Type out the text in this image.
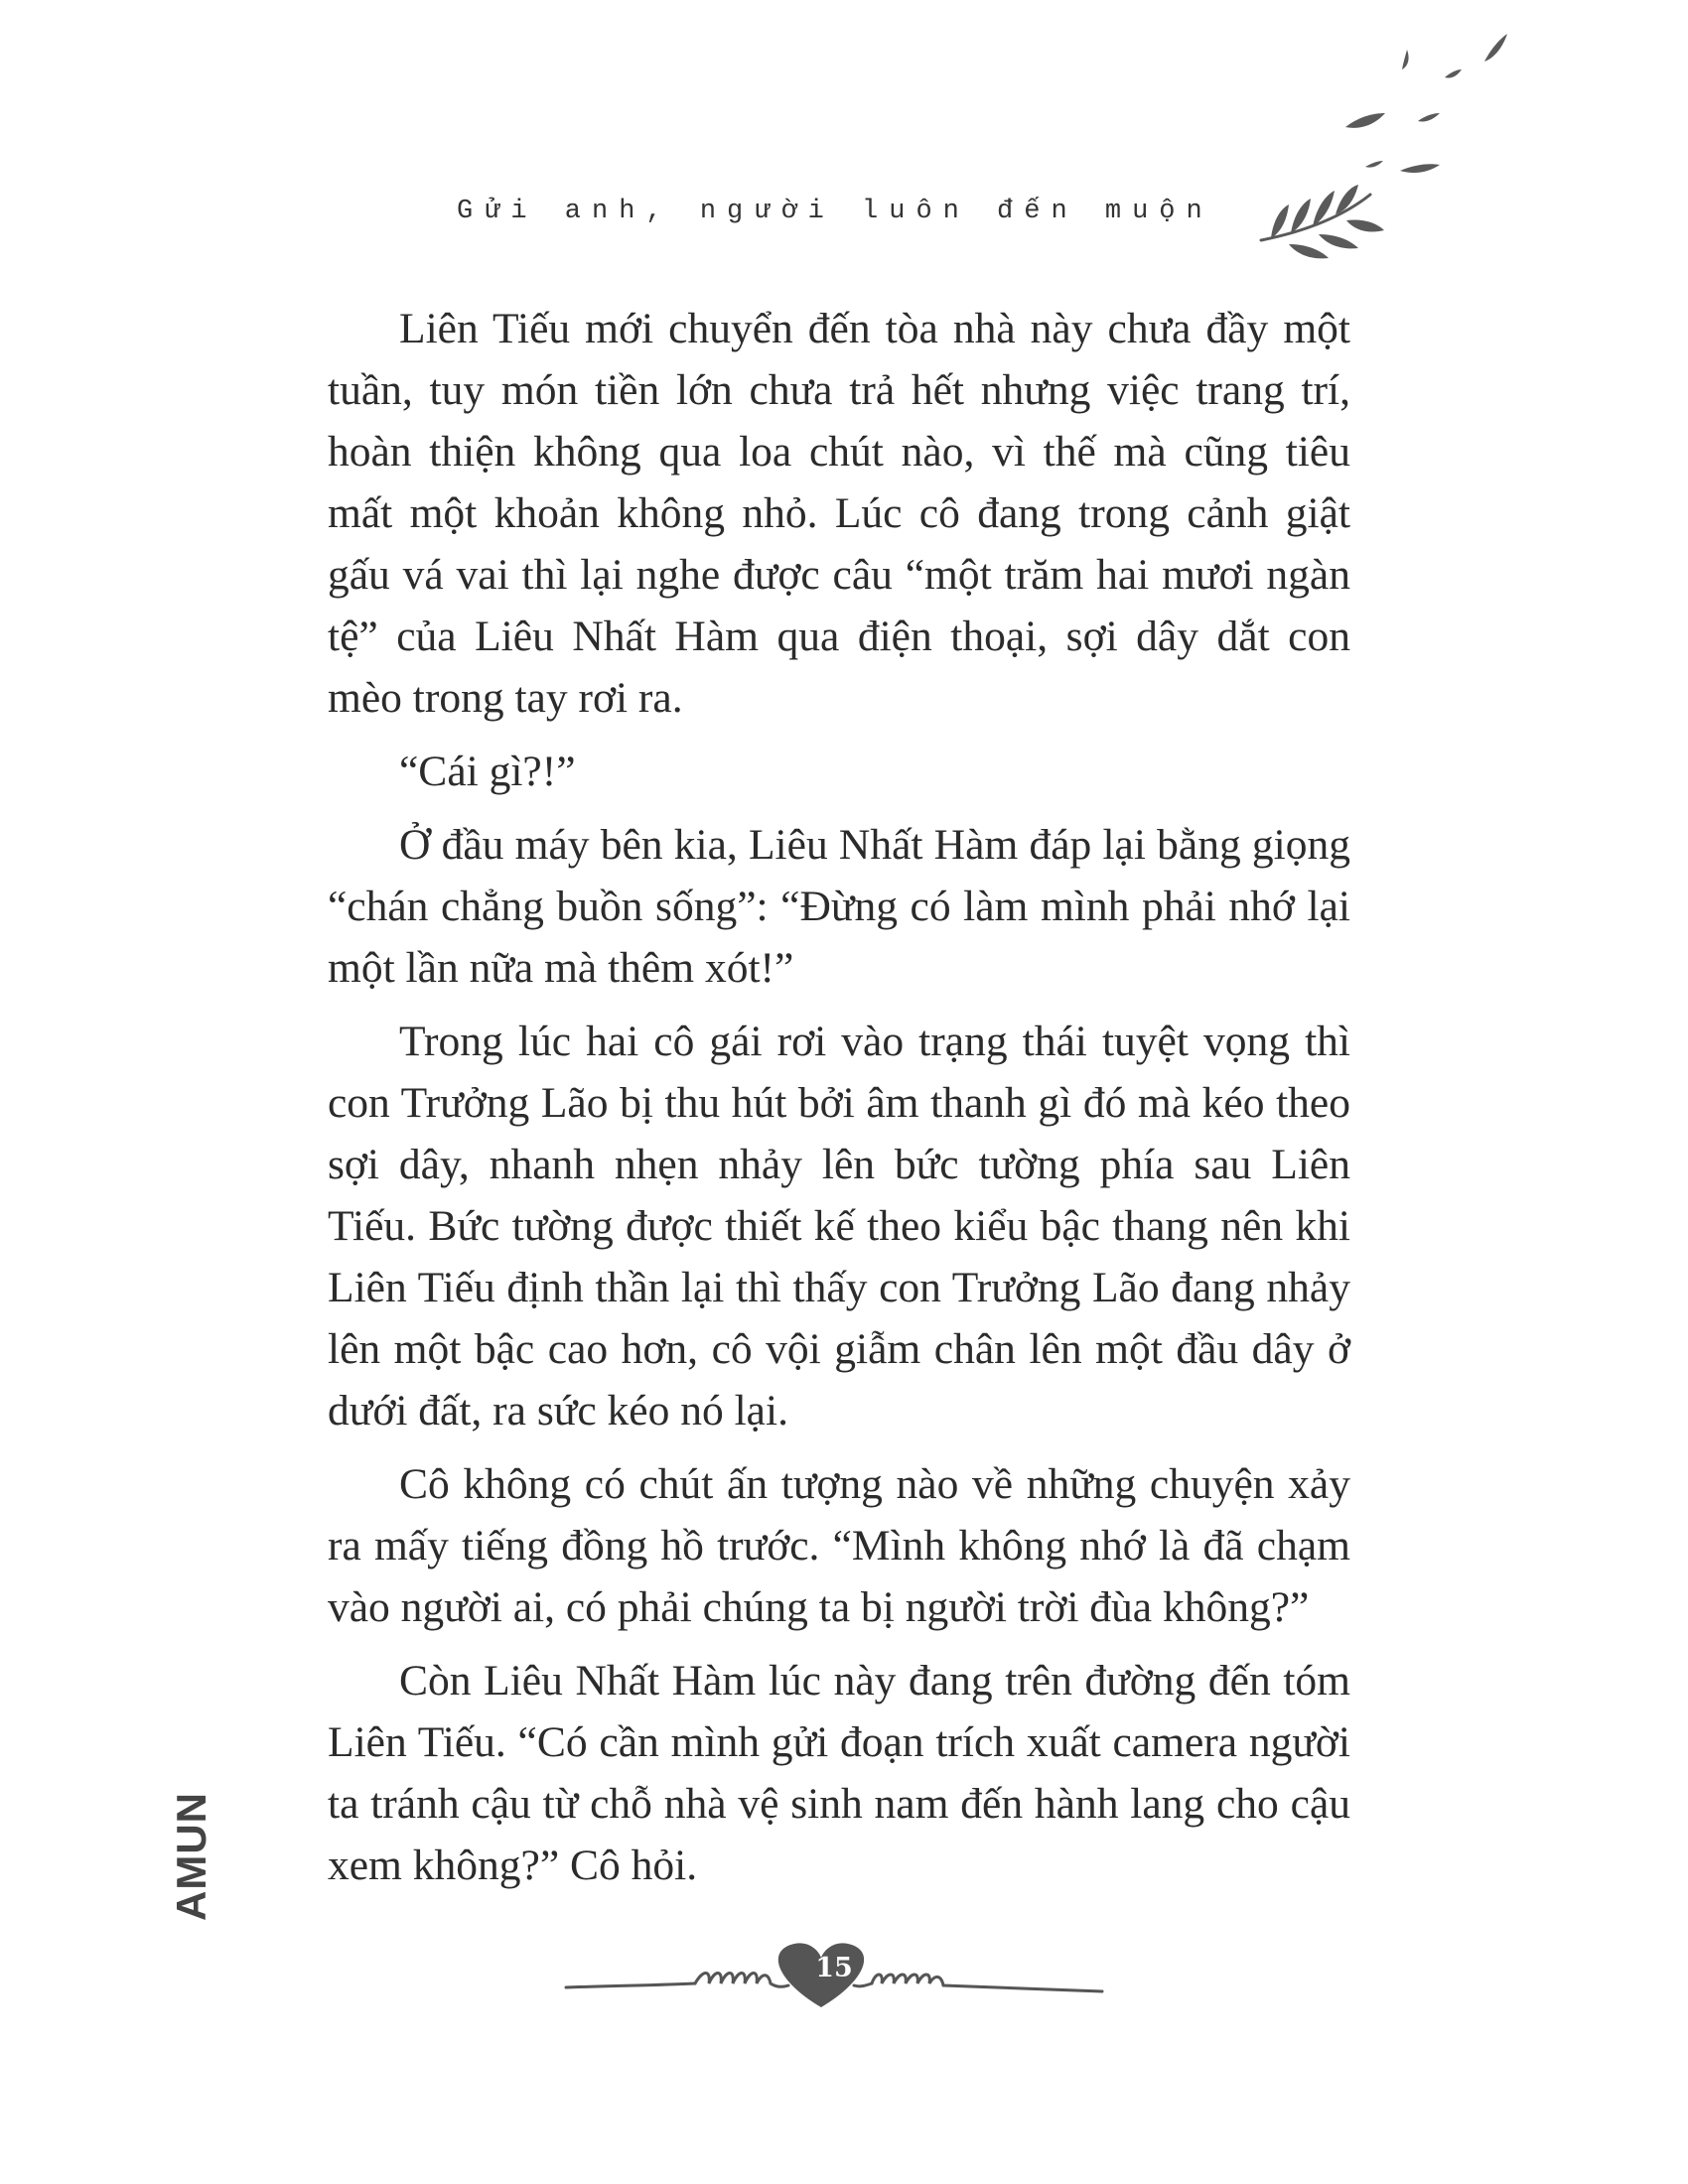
Gửi anh, người luôn đến muộn

Liên Tiếu mới chuyển đến tòa nhà này chưa đầy một tuần, tuy món tiền lớn chưa trả hết nhưng việc trang trí, hoàn thiện không qua loa chút nào, vì thế mà cũng tiêu mất một khoản không nhỏ. Lúc cô đang trong cảnh giật gấu vá vai thì lại nghe được câu “một trăm hai mươi ngàn tệ” của Liêu Nhất Hàm qua điện thoại, sợi dây dắt con mèo trong tay rơi ra.

“Cái gì?!”

Ở đầu máy bên kia, Liêu Nhất Hàm đáp lại bằng giọng “chán chẳng buồn sống”: “Đừng có làm mình phải nhớ lại một lần nữa mà thêm xót!”

Trong lúc hai cô gái rơi vào trạng thái tuyệt vọng thì con Trưởng Lão bị thu hút bởi âm thanh gì đó mà kéo theo sợi dây, nhanh nhẹn nhảy lên bức tường phía sau Liên Tiếu. Bức tường được thiết kế theo kiểu bậc thang nên khi Liên Tiếu định thần lại thì thấy con Trưởng Lão đang nhảy lên một bậc cao hơn, cô vội giẫm chân lên một đầu dây ở dưới đất, ra sức kéo nó lại.

Cô không có chút ấn tượng nào về những chuyện xảy ra mấy tiếng đồng hồ trước. “Mình không nhớ là đã chạm vào người ai, có phải chúng ta bị người trời đùa không?”

Còn Liêu Nhất Hàm lúc này đang trên đường đến tóm Liên Tiếu. “Có cần mình gửi đoạn trích xuất camera người ta tránh cậu từ chỗ nhà vệ sinh nam đến hành lang cho cậu xem không?” Cô hỏi.

AMUN
15
